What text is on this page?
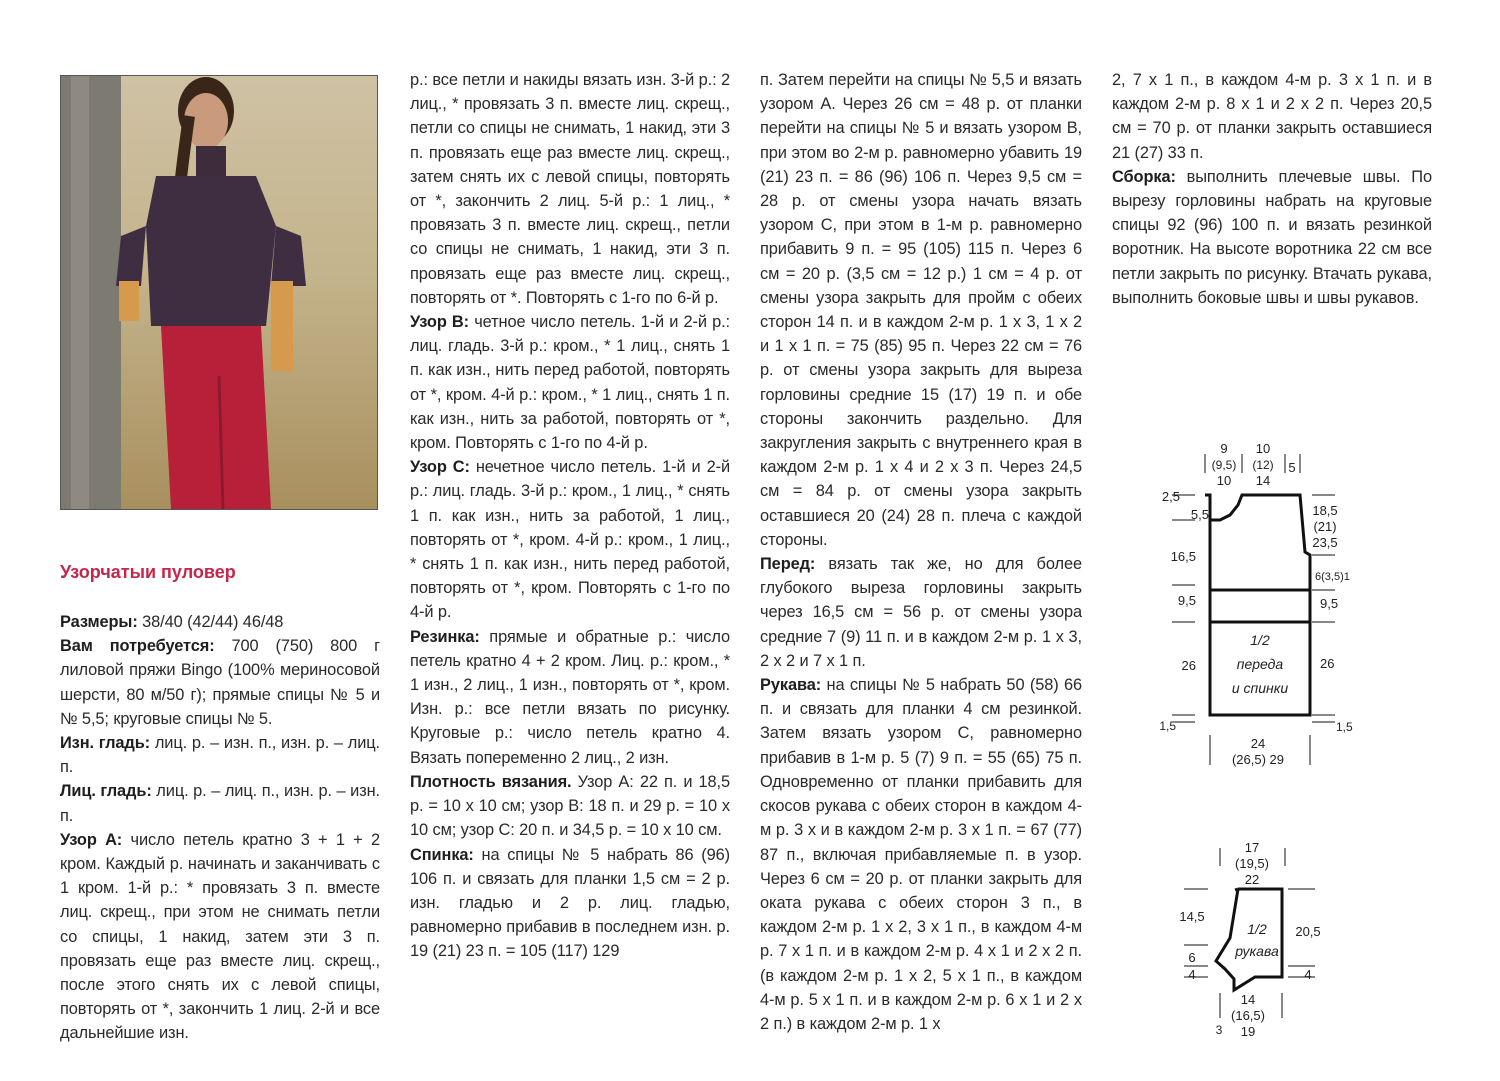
Узорчатыи пуловер

Размеры: 38/40 (42/44) 46/48

Вам потребуется: 700 (750) 800 г лиловой пряжи Bingo (100% мериносовой шерсти, 80 м/50 г); прямые спицы № 5 и № 5,5; круговые спицы № 5.

Изн. гладь: лиц. р. – изн. п., изн. р. – лиц. п.

Лиц. гладь: лиц. р. – лиц. п., изн. р. – изн. п.

Узор А: число петель кратно 3 + 1 + 2 кром. Каждый р. начинать и заканчивать с 1 кром. 1-й р.: * провязать 3 п. вместе лиц. скрещ., при этом не снимать петли со спицы, 1 накид, затем эти 3 п. провязать еще раз вместе лиц. скрещ., после этого снять их с левой спицы, повторять от *, закончить 1 лиц. 2-й и все дальнейшие изн.

р.: все петли и накиды вязать изн. 3-й р.: 2 лиц., * провязать 3 п. вместе лиц. скрещ., петли со спицы не снимать, 1 накид, эти 3 п. провязать еще раз вместе лиц. скрещ., затем снять их с левой спицы, повторять от *, закончить 2 лиц. 5-й р.: 1 лиц., * провязать 3 п. вместе лиц. скрещ., петли со спицы не снимать, 1 накид, эти 3 п. провязать еще раз вместе лиц. скрещ., повторять от *. Повторять с 1-го по 6-й р.

Узор В: четное число петель. 1-й и 2-й р.: лиц. гладь. 3-й р.: кром., * 1 лиц., снять 1 п. как изн., нить перед работой, повторять от *, кром. 4-й р.: кром., * 1 лиц., снять 1 п. как изн., нить за работой, повторять от *, кром. Повторять с 1-го по 4-й р.

Узор С: нечетное число петель. 1-й и 2-й р.: лиц. гладь. 3-й р.: кром., 1 лиц., * снять 1 п. как изн., нить за работой, 1 лиц., повторять от *, кром. 4-й р.: кром., 1 лиц., * снять 1 п. как изн., нить перед работой, повторять от *, кром. Повторять с 1-го по 4-й р.

Резинка: прямые и обратные р.: число петель кратно 4 + 2 кром. Лиц. р.: кром., * 1 изн., 2 лиц., 1 изн., повторять от *, кром. Изн. р.: все петли вязать по рисунку. Круговые р.: число петель кратно 4. Вязать попеременно 2 лиц., 2 изн.

Плотность вязания. Узор А: 22 п. и 18,5 р. = 10 х 10 см; узор В: 18 п. и 29 р. = 10 х 10 см; узор С: 20 п. и 34,5 р. = 10 х 10 см.

Спинка: на спицы № 5 набрать 86 (96) 106 п. и связать для планки 1,5 см = 2 р. изн. гладью и 2 р. лиц. гладью, равномерно прибавив в последнем изн. р. 19 (21) 23 п. = 105 (117) 129

п. Затем перейти на спицы № 5,5 и вязать узором А. Через 26 см = 48 р. от планки перейти на спицы № 5 и вязать узором В, при этом во 2-м р. равномерно убавить 19 (21) 23 п. = 86 (96) 106 п. Через 9,5 см = 28 р. от смены узора начать вязать узором С, при этом в 1-м р. равномерно прибавить 9 п. = 95 (105) 115 п. Через 6 см = 20 р. (3,5 см = 12 р.) 1 см = 4 р. от смены узора закрыть для пройм с обеих сторон 14 п. и в каждом 2-м р. 1 х 3, 1 х 2 и 1 х 1 п. = 75 (85) 95 п. Через 22 см = 76 р. от смены узора закрыть для выреза горловины средние 15 (17) 19 п. и обе стороны закончить раздельно. Для закругления закрыть с внутреннего края в каждом 2-м р. 1 х 4 и 2 х 3 п. Через 24,5 см = 84 р. от смены узора закрыть оставшиеся 20 (24) 28 п. плеча с каждой стороны.

Перед: вязать так же, но для более глубокого выреза горловины закрыть через 16,5 см = 56 р. от смены узора средние 7 (9) 11 п. и в каждом 2-м р. 1 х 3, 2 х 2 и 7 х 1 п.

Рукава: на спицы № 5 набрать 50 (58) 66 п. и связать для планки 4 см резинкой. Затем вязать узором С, равномерно прибавив в 1-м р. 5 (7) 9 п. = 55 (65) 75 п. Одновременно от планки прибавить для скосов рукава с обеих сторон в каждом 4-м р. 3 х и в каждом 2-м р. 3 х 1 п. = 67 (77) 87 п., включая прибавляемые п. в узор. Через 6 см = 20 р. от планки закрыть для оката рукава с обеих сторон 3 п., в каждом 2-м р. 1 х 2, 3 х 1 п., в каждом 4-м р. 7 х 1 п. и в каждом 2-м р. 4 х 1 и 2 х 2 п. (в каждом 2-м р. 1 х 2, 5 х 1 п., в каждом 4-м р. 5 х 1 п. и в каждом 2-м р. 6 х 1 и 2 х 2 п.) в каждом 2-м р. 1 х

2, 7 х 1 п., в каждом 4-м р. 3 х 1 п. и в каждом 2-м р. 8 х 1 и 2 х 2 п. Через 20,5 см = 70 р. от планки закрыть оставшиеся 21 (27) 33 п.

Сборка: выполнить плечевые швы. По вырезу горловины набрать на круговые спицы 92 (96) 100 п. и вязать резинкой воротник. На высоте воротника 22 см все петли закрыть по рисунку. Втачать рукава, выполнить боковые швы и швы рукавов.

9
(9,5)
10
10
(12)
14
5
2,5
5,5
16,5
9,5
26
1,5
18,5
(21)
23,5
6(3,5)1
9,5
26
1,5
1/2
переда
и спинки
24
(26,5) 29
17
(19,5)
22
14,5
6
4
20,5
4
1/2
рукава
14
(16,5)
19
3
